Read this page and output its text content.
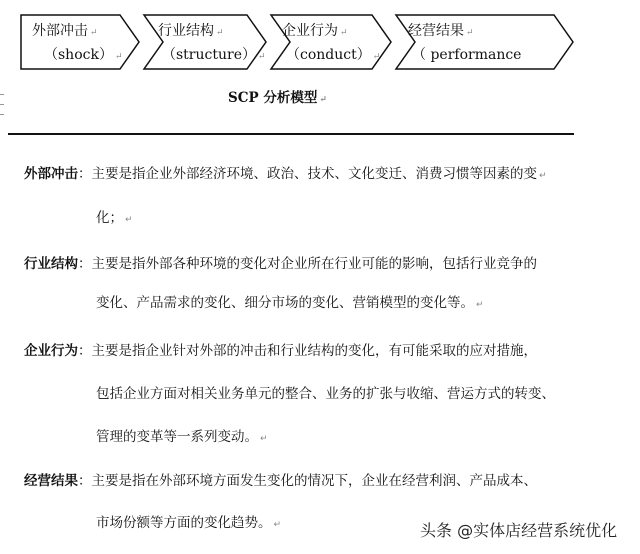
外部冲击 ↵
（shock） ↵
行业结构 ↵
（structure） ↵
企业行为 ↵
（conduct） ↵
经营结果 ↵
（ performance
SCP 分析模型 ↵
外部冲击：主要是指企业外部经济环境、政治、技术、文化变迁、消费习惯等因素的变 ↵
化； ↵
行业结构：主要是指外部各种环境的变化对企业所在行业可能的影响，包括行业竞争的
变化、产品需求的变化、细分市场的变化、营销模型的变化等。 ↵
企业行为：主要是指企业针对外部的冲击和行业结构的变化，有可能采取的应对措施，
包括企业方面对相关业务单元的整合、业务的扩张与收缩、营运方式的转变、
管理的变革等一系列变动。 ↵
经营结果：主要是指在外部环境方面发生变化的情况下，企业在经营利润、产品成本、
市场份额等方面的变化趋势。 ↵	头条 @实体店经营系统优化
